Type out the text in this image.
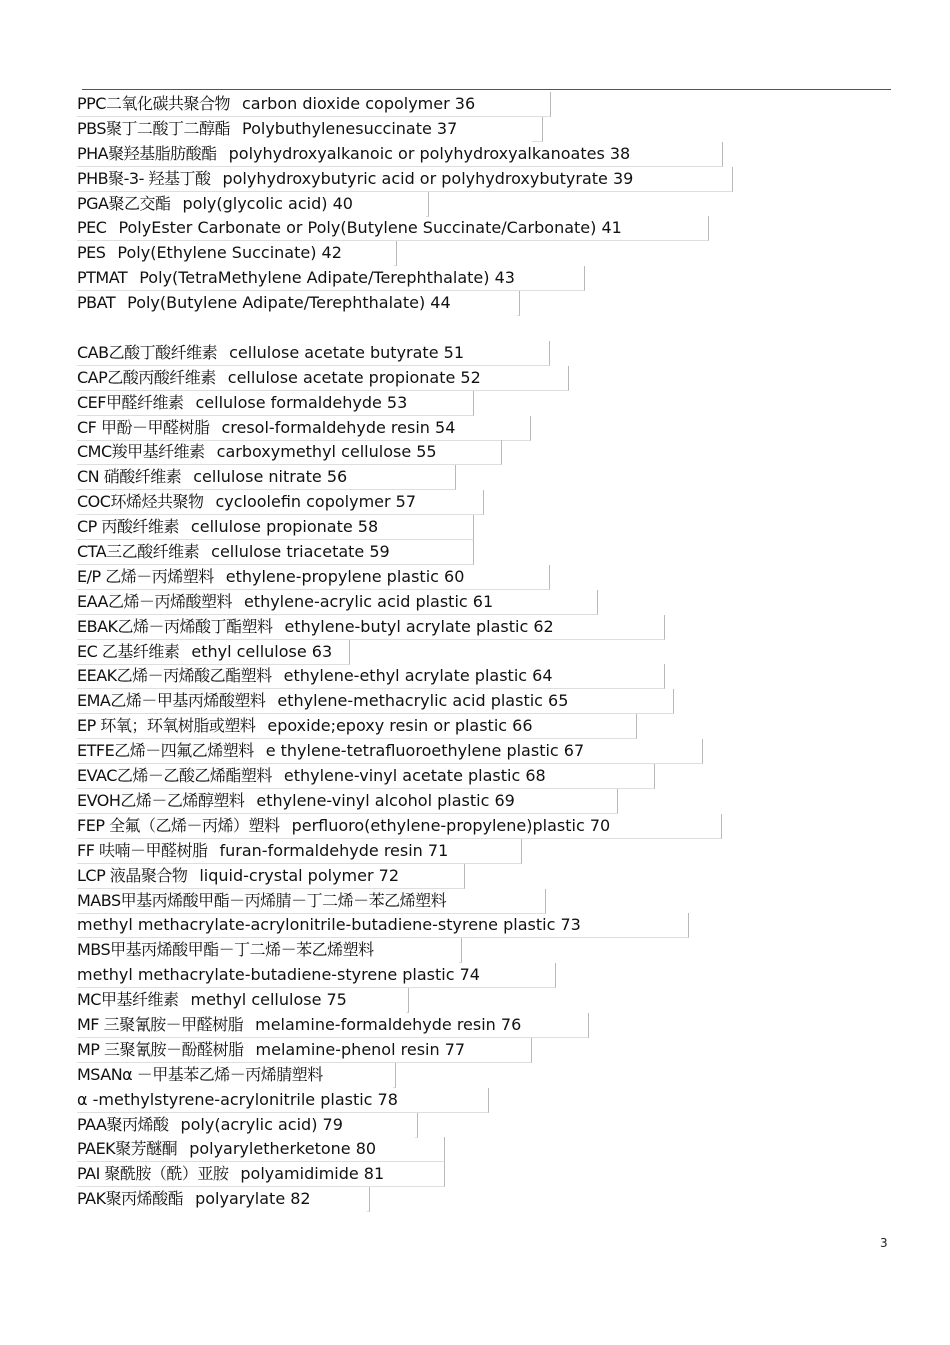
PPC二氧化碳共聚合物 carbon dioxide copolymer 36
PBS聚丁二酸丁二醇酯 Polybuthylenesuccinate 37
PHA聚羟基脂肪酸酯 polyhydroxyalkanoic or polyhydroxyalkanoates 38
PHB聚-3- 羟基丁酸 polyhydroxybutyric acid or polyhydroxybutyrate 39
PGA聚乙交酯 poly(glycolic acid) 40
PEC PolyEster Carbonate or Poly(Butylene Succinate/Carbonate) 41
PES Poly(Ethylene Succinate) 42
PTMAT Poly(TetraMethylene Adipate/Terephthalate) 43
PBAT Poly(Butylene Adipate/Terephthalate) 44
CAB乙酸丁酸纤维素 cellulose acetate butyrate 51
CAP乙酸丙酸纤维素 cellulose acetate propionate 52
CEF甲醛纤维素 cellulose formaldehyde 53
CF 甲酚－甲醛树脂 cresol-formaldehyde resin 54
CMC羧甲基纤维素 carboxymethyl cellulose 55
CN 硝酸纤维素 cellulose nitrate 56
COC环烯烃共聚物 cycloolefin copolymer 57
CP 丙酸纤维素 cellulose propionate 58
CTA三乙酸纤维素 cellulose triacetate 59
E/P 乙烯－丙烯塑料 ethylene-propylene plastic 60
EAA乙烯－丙烯酸塑料 ethylene-acrylic acid plastic 61
EBAK乙烯－丙烯酸丁酯塑料 ethylene-butyl acrylate plastic 62
EC 乙基纤维素 ethyl cellulose 63
EEAK乙烯－丙烯酸乙酯塑料 ethylene-ethyl acrylate plastic 64
EMA乙烯－甲基丙烯酸塑料 ethylene-methacrylic acid plastic 65
EP 环氧；环氧树脂或塑料 epoxide;epoxy resin or plastic 66
ETFE乙烯－四氟乙烯塑料 e thylene-tetrafluoroethylene plastic 67
EVAC乙烯－乙酸乙烯酯塑料 ethylene-vinyl acetate plastic 68
EVOH乙烯－乙烯醇塑料 ethylene-vinyl alcohol plastic 69
FEP 全氟（乙烯－丙烯）塑料 perfluoro(ethylene-propylene)plastic 70
FF 呋喃－甲醛树脂 furan-formaldehyde resin 71
LCP 液晶聚合物 liquid-crystal polymer 72
MABS甲基丙烯酸甲酯－丙烯腈－丁二烯－苯乙烯塑料
methyl methacrylate-acrylonitrile-butadiene-styrene plastic 73
MBS甲基丙烯酸甲酯－丁二烯－苯乙烯塑料
methyl methacrylate-butadiene-styrene plastic 74
MC甲基纤维素 methyl cellulose 75
MF 三聚氰胺－甲醛树脂 melamine-formaldehyde resin 76
MP 三聚氰胺－酚醛树脂 melamine-phenol resin 77
MSANα －甲基苯乙烯－丙烯腈塑料
α -methylstyrene-acrylonitrile plastic 78
PAA聚丙烯酸 poly(acrylic acid) 79
PAEK聚芳醚酮 polyaryletherketone 80
PAI 聚酰胺（酰）亚胺 polyamidimide 81
PAK聚丙烯酸酯 polyarylate 82
3
